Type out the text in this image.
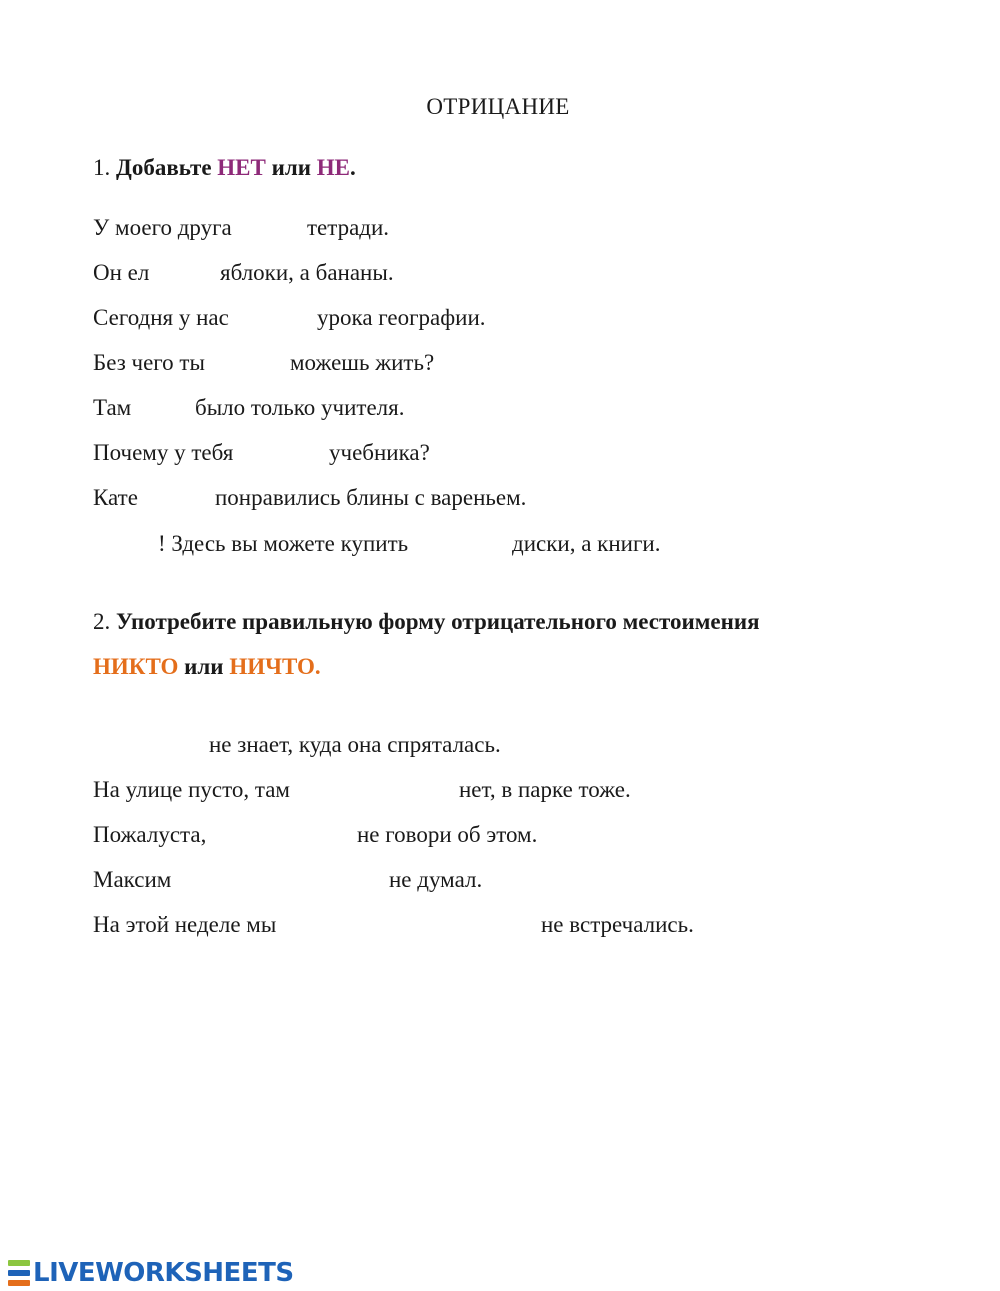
ОТРИЦАНИЕ
1. Добавьте НЕТ или НЕ.
У моего друга	тетради.
Он ел	яблоки, а бананы.
Сегодня у нас	урока географии.
Без чего ты	можешь жить?
Там	было только учителя.
Почему у тебя	учебника?
Кате	понравились блины с вареньем.
! Здесь вы можете купить	диски, а книги.
2. Употребите правильную форму отрицательного местоимения
НИКТО или НИЧТО.
не знает, куда она спряталась.
На улице пусто, там	нет, в парке тоже.
Пожалуста,	не говори об этом.
Максим	не думал.
На этой неделе мы	не встречались.
LIVEWORKSHEETS
